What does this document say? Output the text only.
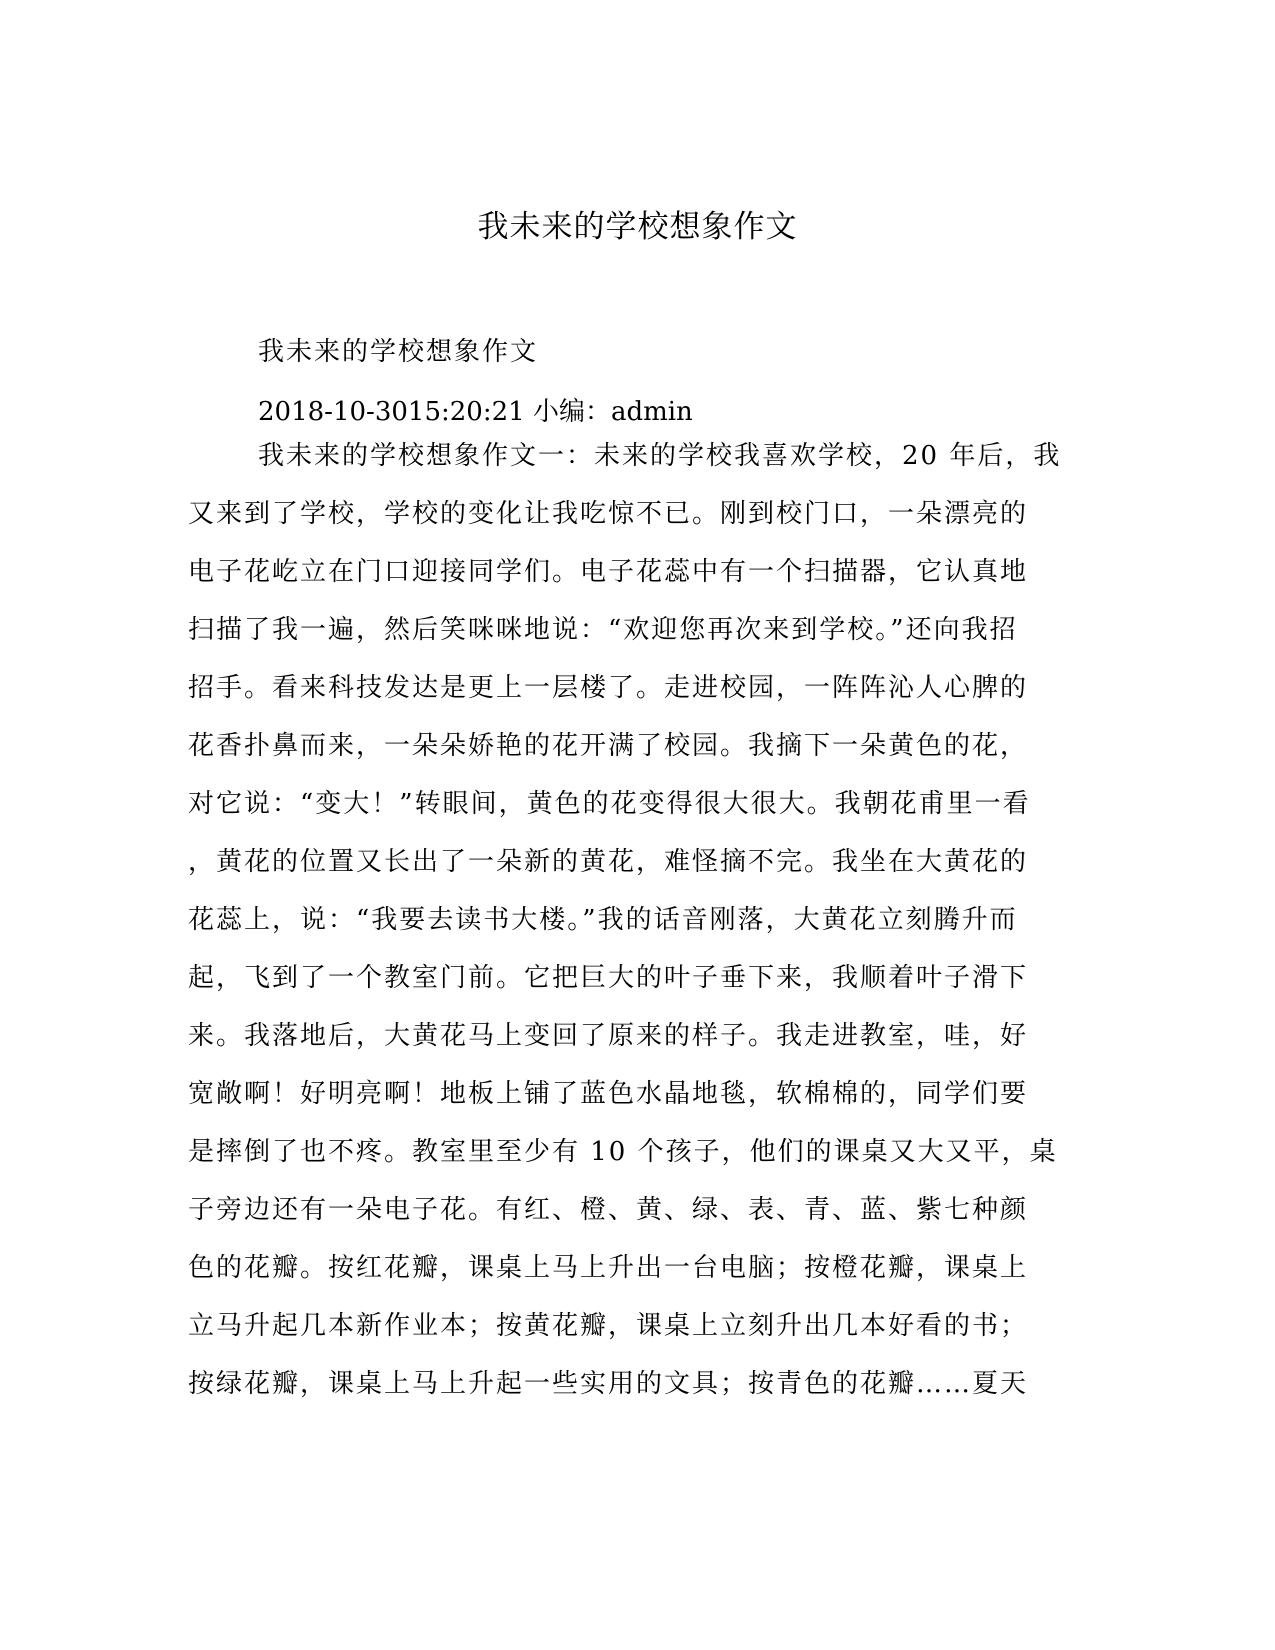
我未来的学校想象作文
我未来的学校想象作文
2018-10-3015:20:21 小编：admin
我未来的学校想象作文一：未来的学校我喜欢学校，20 年后，我
又来到了学校，学校的变化让我吃惊不已。刚到校门口，一朵漂亮的
电子花屹立在门口迎接同学们。电子花蕊中有一个扫描器，它认真地
扫描了我一遍，然后笑咪咪地说：“欢迎您再次来到学校。”还向我招
招手。看来科技发达是更上一层楼了。走进校园，一阵阵沁人心脾的
花香扑鼻而来，一朵朵娇艳的花开满了校园。我摘下一朵黄色的花，
对它说：“变大！”转眼间，黄色的花变得很大很大。我朝花甫里一看
，黄花的位置又长出了一朵新的黄花，难怪摘不完。我坐在大黄花的
花蕊上，说：“我要去读书大楼。”我的话音刚落，大黄花立刻腾升而
起，飞到了一个教室门前。它把巨大的叶子垂下来，我顺着叶子滑下
来。我落地后，大黄花马上变回了原来的样子。我走进教室，哇，好
宽敞啊！好明亮啊！地板上铺了蓝色水晶地毯，软棉棉的，同学们要
是摔倒了也不疼。教室里至少有 10 个孩子，他们的课桌又大又平，桌
子旁边还有一朵电子花。有红、橙、黄、绿、表、青、蓝、紫七种颜
色的花瓣。按红花瓣，课桌上马上升出一台电脑；按橙花瓣，课桌上
立马升起几本新作业本；按黄花瓣，课桌上立刻升出几本好看的书；
按绿花瓣，课桌上马上升起一些实用的文具；按青色的花瓣……夏天
